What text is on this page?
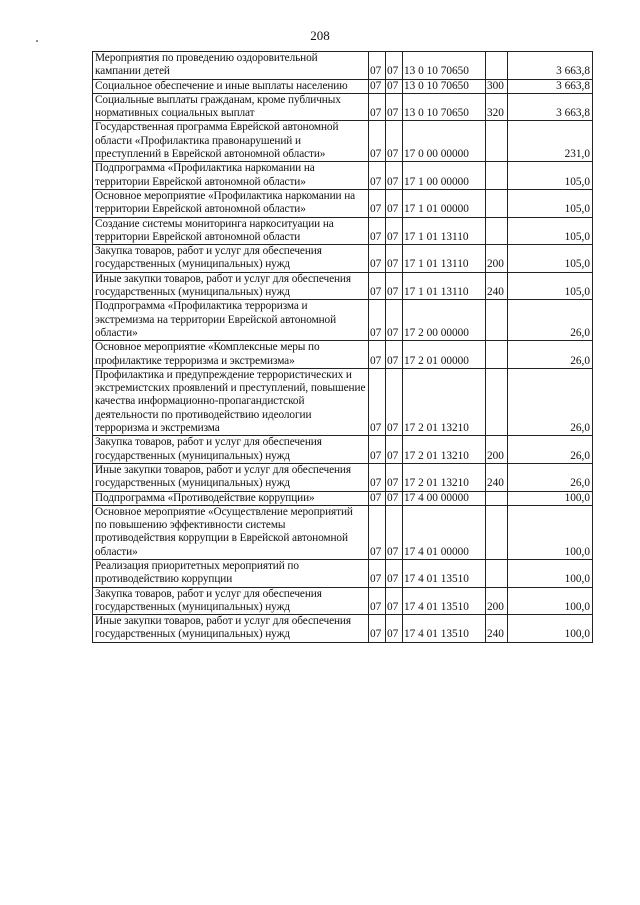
208
Мероприятия по проведению оздоровительной кампании детей	07	07	13 0 10 70650		3 663,8
Социальное обеспечение и иные выплаты населению	07	07	13 0 10 70650	300	3 663,8
Социальные выплаты гражданам, кроме публичных нормативных социальных выплат	07	07	13 0 10 70650	320	3 663,8
Государственная программа Еврейской автономной области «Профилактика правонарушений и преступлений в Еврейской автономной области»	07	07	17 0 00 00000		231,0
Подпрограмма «Профилактика наркомании на территории Еврейской автономной области»	07	07	17 1 00 00000		105,0
Основное мероприятие «Профилактика наркомании на территории Еврейской автономной области»	07	07	17 1 01 00000		105,0
Создание системы мониторинга наркоситуации на территории Еврейской автономной области	07	07	17 1 01 13110		105,0
Закупка товаров, работ и услуг для обеспечения государственных (муниципальных) нужд	07	07	17 1 01 13110	200	105,0
Иные закупки товаров, работ и услуг для обеспечения государственных (муниципальных) нужд	07	07	17 1 01 13110	240	105,0
Подпрограмма «Профилактика терроризма и экстремизма на территории Еврейской автономной области»	07	07	17 2 00 00000		26,0
Основное мероприятие «Комплексные меры по профилактике терроризма и экстремизма»	07	07	17 2 01 00000		26,0
Профилактика и предупреждение террористических и экстремистских проявлений и преступлений, повышение качества информационно-пропагандистской деятельности по противодействию идеологии терроризма и экстремизма	07	07	17 2 01 13210		26,0
Закупка товаров, работ и услуг для обеспечения государственных (муниципальных) нужд	07	07	17 2 01 13210	200	26,0
Иные закупки товаров, работ и услуг для обеспечения государственных (муниципальных) нужд	07	07	17 2 01 13210	240	26,0
Подпрограмма «Противодействие коррупции»	07	07	17 4 00 00000		100,0
Основное мероприятие «Осуществление мероприятий по повышению эффективности системы противодействия коррупции в Еврейской автономной области»	07	07	17 4 01 00000		100,0
Реализация приоритетных мероприятий по противодействию коррупции	07	07	17 4 01 13510		100,0
Закупка товаров, работ и услуг для обеспечения государственных (муниципальных) нужд	07	07	17 4 01 13510	200	100,0
Иные закупки товаров, работ и услуг для обеспечения государственных (муниципальных) нужд	07	07	17 4 01 13510	240	100,0
